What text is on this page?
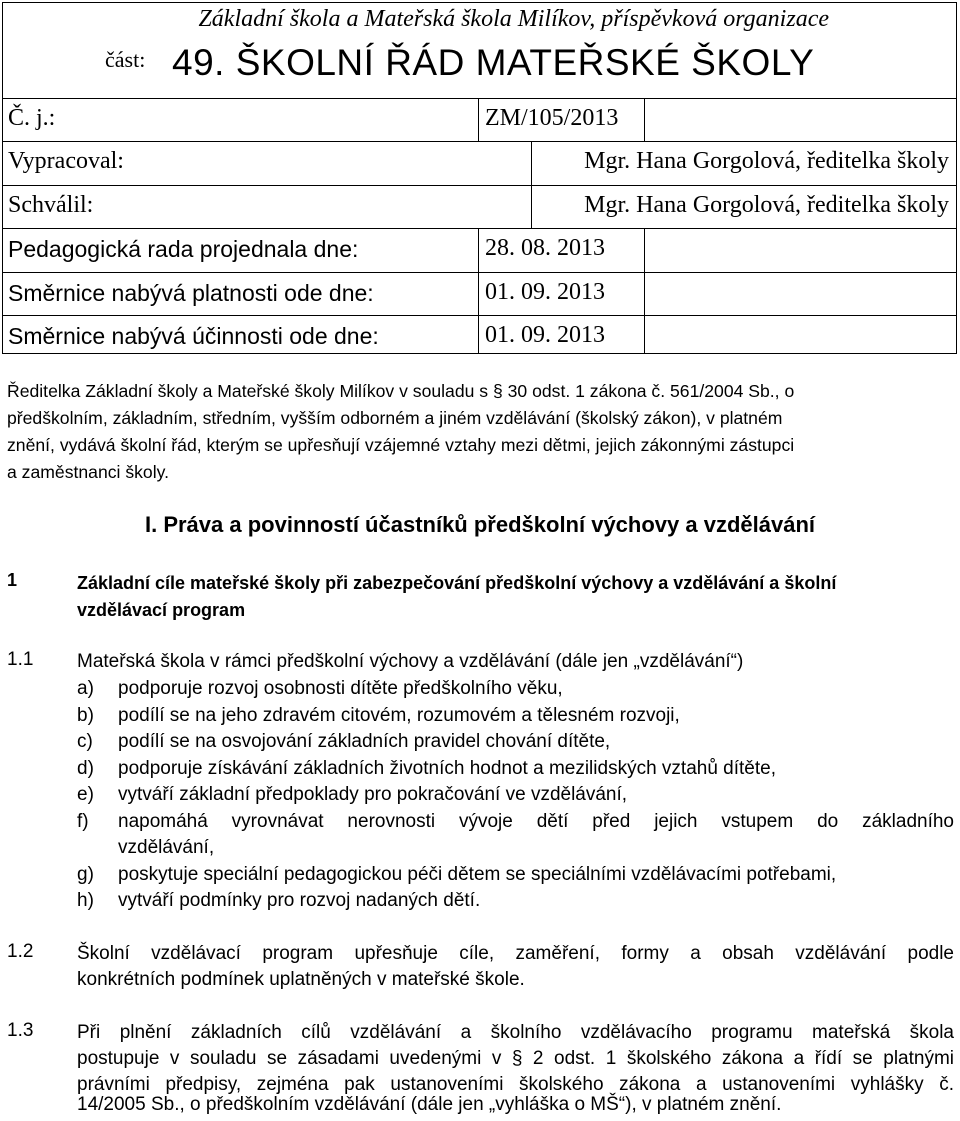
Základní škola a Mateřská škola Milíkov, příspěvková organizace
část: 49. ŠKOLNÍ ŘÁD MATEŘSKÉ ŠKOLY
Č. j.:	ZM/105/2013
Vypracoval:	Mgr. Hana Gorgolová, ředitelka školy
Schválil:	Mgr. Hana Gorgolová, ředitelka školy
Pedagogická rada projednala dne:	28. 08. 2013
Směrnice nabývá platnosti ode dne:	01. 09. 2013
Směrnice nabývá účinnosti ode dne:	01. 09. 2013
Ředitelka Základní školy a Mateřské školy Milíkov v souladu s § 30 odst. 1 zákona č. 561/2004 Sb., o
předškolním, základním, středním, vyšším odborném a jiném vzdělávání (školský zákon), v platném
znění, vydává školní řád, kterým se upřesňují vzájemné vztahy mezi dětmi, jejich zákonnými zástupci
a zaměstnanci školy.
I. Práva a povinností účastníků předškolní výchovy a vzdělávání
1	Základní cíle mateřské školy při zabezpečování předškolní výchovy a vzdělávání a školní
vzdělávací program
1.1 Mateřská škola v rámci předškolní výchovy a vzdělávání (dále jen „vzdělávání“)
a) podporuje rozvoj osobnosti dítěte předškolního věku,
b) podílí se na jeho zdravém citovém, rozumovém a tělesném rozvoji,
c) podílí se na osvojování základních pravidel chování dítěte,
d) podporuje získávání základních životních hodnot a mezilidských vztahů dítěte,
e) vytváří základní předpoklady pro pokračování ve vzdělávání,
f) napomáhá vyrovnávat nerovnosti vývoje dětí před jejich vstupem do základního
vzdělávání,
g) poskytuje speciální pedagogickou péči dětem se speciálními vzdělávacími potřebami,
h) vytváří podmínky pro rozvoj nadaných dětí.
1.2 Školní vzdělávací program upřesňuje cíle, zaměření, formy a obsah vzdělávání podle
konkrétních podmínek uplatněných v mateřské škole.
1.3 Při plnění základních cílů vzdělávání a školního vzdělávacího programu mateřská škola
postupuje v souladu se zásadami uvedenými v § 2 odst. 1 školského zákona a řídí se platnými
právními předpisy, zejména pak ustanoveními školského zákona a ustanoveními vyhlášky č.
14/2005 Sb., o předškolním vzdělávání (dále jen „vyhláška o MŠ“), v platném znění.
